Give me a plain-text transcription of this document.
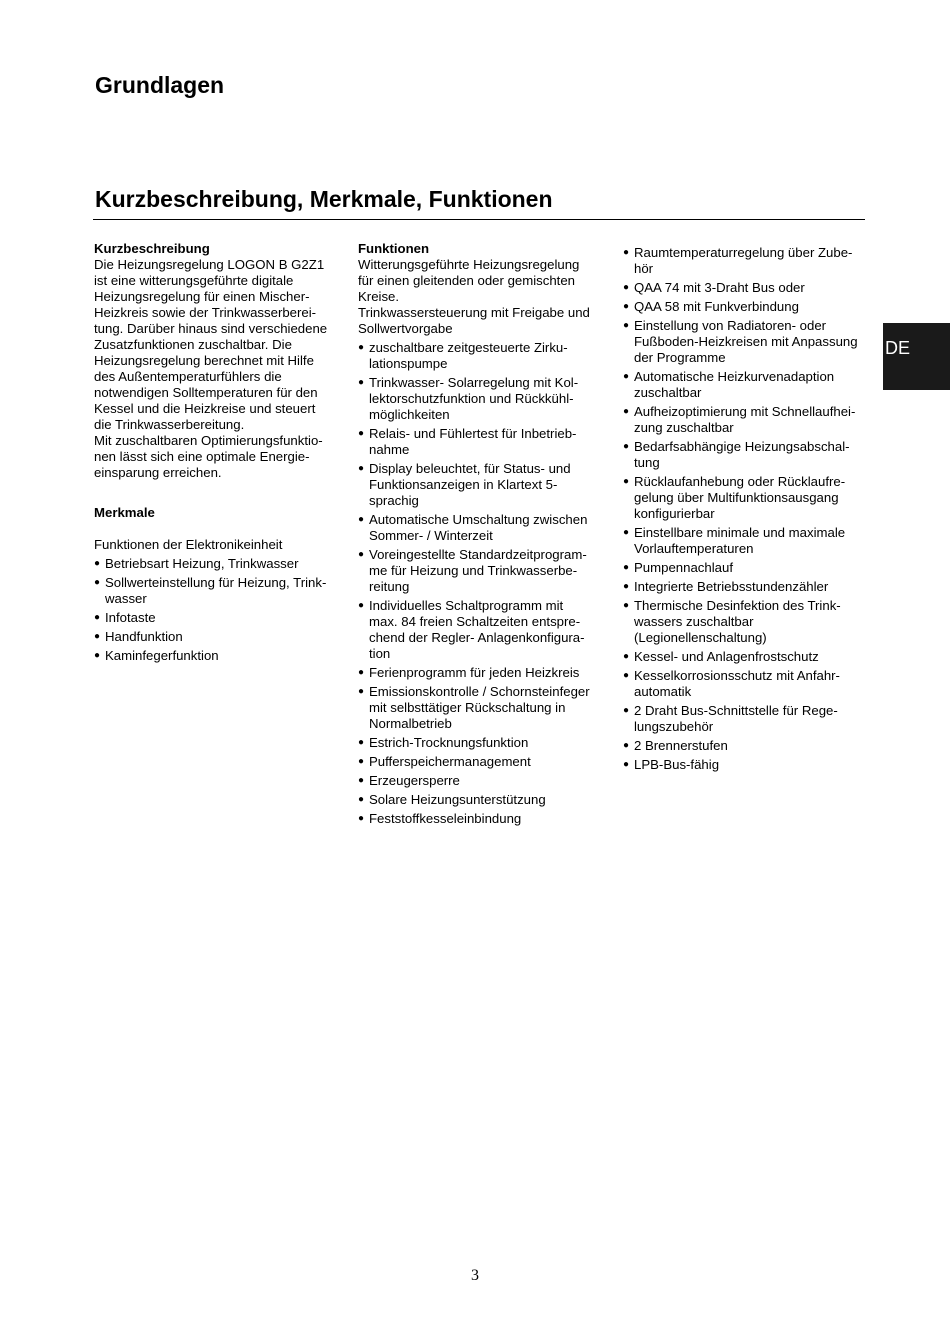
Grundlagen
Kurzbeschreibung, Merkmale, Funktionen
Kurzbeschreibung
Die Heizungsregelung LOGON B G2Z1
ist eine witterungsgeführte digitale
Heizungsregelung für einen Mischer-
Heizkreis sowie der Trinkwasserberei-
tung. Darüber hinaus sind verschiedene
Zusatzfunktionen zuschaltbar. Die
Heizungsregelung berechnet mit Hilfe
des Außentemperaturfühlers die
notwendigen Solltemperaturen für den
Kessel und die Heizkreise und steuert
die Trinkwasserbereitung.
Mit zuschaltbaren Optimierungsfunktio-
nen lässt sich eine optimale Energie-
einsparung erreichen.
Merkmale

Funktionen der Elektronikeinheit

● Betriebsart Heizung, Trinkwasser
● Sollwerteinstellung für Heizung, Trink-
wasser
● Infotaste
● Handfunktion
● Kaminfegerfunktion
Funktionen
Witterungsgeführte Heizungsregelung
für einen gleitenden oder gemischten
Kreise.
Trinkwassersteuerung mit Freigabe und
Sollwertvorgabe
● zuschaltbare zeitgesteuerte Zirku-
lationspumpe
● Trinkwasser- Solarregelung mit Kol-
lektorschutzfunktion und Rückkühl-
möglichkeiten
● Relais- und Fühlertest für Inbetrieb-
nahme
● Display beleuchtet, für Status- und
Funktionsanzeigen in Klartext 5-
sprachig
● Automatische Umschaltung zwischen
Sommer- / Winterzeit
● Voreingestellte Standardzeitprogram-
me für Heizung und Trinkwasserbe-
reitung
● Individuelles Schaltprogramm mit
max. 84 freien Schaltzeiten entspre-
chend der Regler- Anlagenkonfigura-
tion
● Ferienprogramm für jeden Heizkreis
● Emissionskontrolle / Schornsteinfeger
mit selbsttätiger Rückschaltung in
Normalbetrieb
● Estrich-Trocknungsfunktion
● Pufferspeichermanagement
● Erzeugersperre
● Solare Heizungsunterstützung
● Feststoffkesseleinbindung
● Raumtemperaturregelung über Zube-
hör
● QAA 74 mit 3-Draht Bus oder
● QAA 58 mit Funkverbindung
● Einstellung von Radiatoren- oder
Fußboden-Heizkreisen mit Anpassung
der Programme
● Automatische Heizkurvenadaption
zuschaltbar
● Aufheizoptimierung mit Schnellaufhei-
zung zuschaltbar
● Bedarfsabhängige Heizungsabschal-
tung
● Rücklaufanhebung oder Rücklaufre-
gelung über Multifunktionsausgang
konfigurierbar
● Einstellbare minimale und maximale
Vorlauftemperaturen
● Pumpennachlauf
● Integrierte Betriebsstundenzähler
● Thermische Desinfektion des Trink-
wassers zuschaltbar
(Legionellenschaltung)
● Kessel- und Anlagenfrostschutz
● Kesselkorrosionsschutz mit Anfahr-
automatik
● 2 Draht Bus-Schnittstelle für Rege-
lungszubehör
● 2 Brennerstufen
● LPB-Bus-fähig
DE
3
